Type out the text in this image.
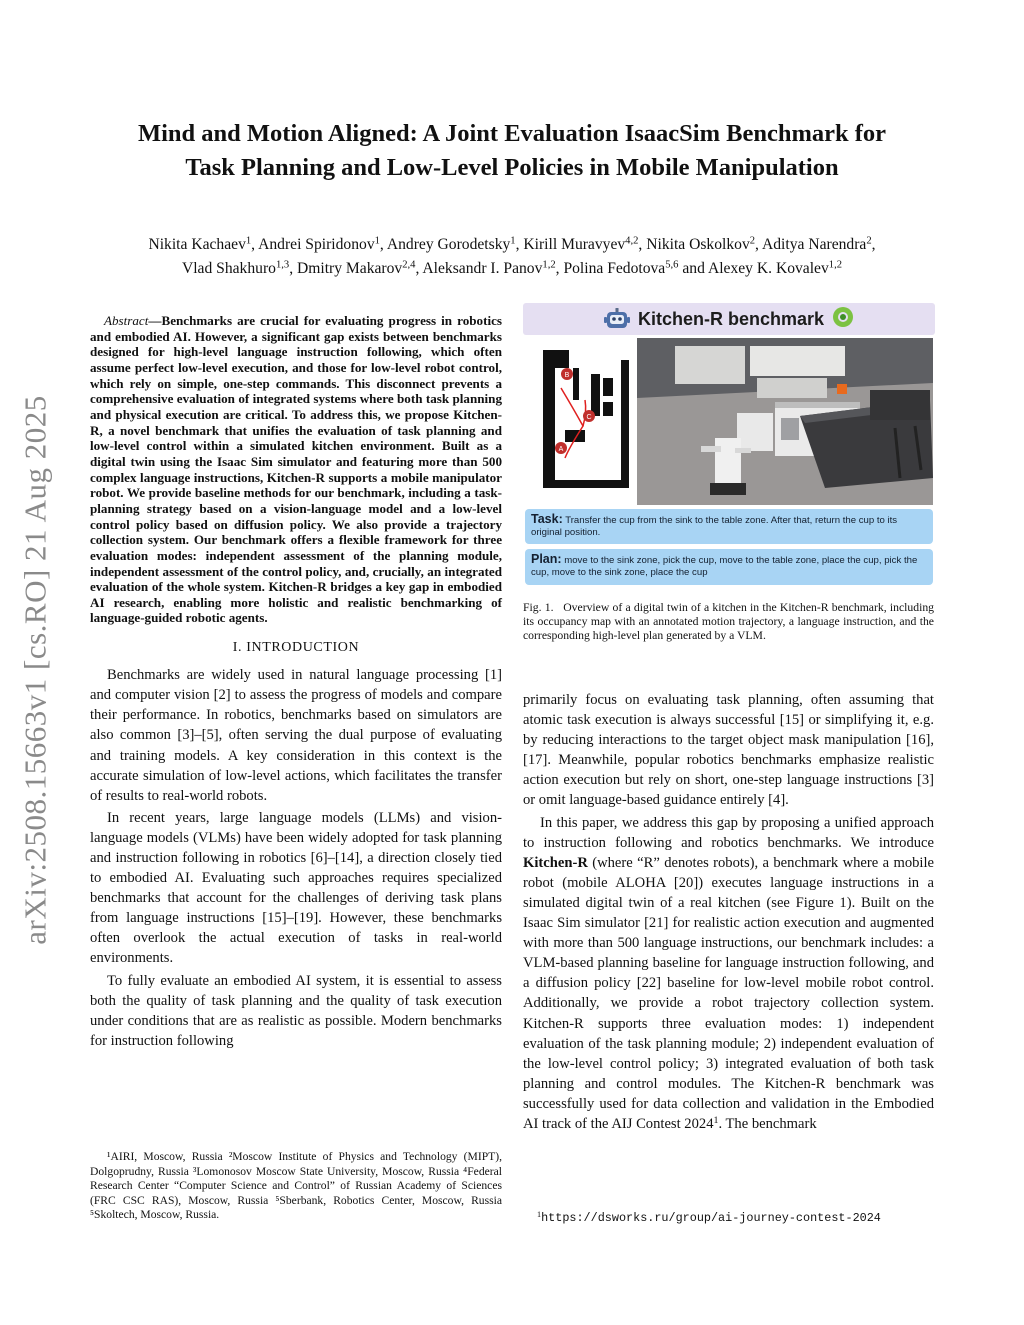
arXiv:2508.15663v1 [cs.RO] 21 Aug 2025
Mind and Motion Aligned: A Joint Evaluation IsaacSim Benchmark for
Task Planning and Low-Level Policies in Mobile Manipulation
Nikita Kachaev$^1$, Andrei Spiridonov$^1$, Andrey Gorodetsky$^1$, Kirill Muravyev$^{4,2}$, Nikita Oskolkov$^2$, Aditya Narendra$^2$,
Vlad Shakhuro$^{1,3}$, Dmitry Makarov$^{2,4}$, Aleksandr I. Panov$^{1,2}$, Polina Fedotova$^{5,6}$ and Alexey K. Kovalev$^{1,2}$

Abstract—Benchmarks are crucial for evaluating progress in robotics and embodied AI. However, a significant gap exists between benchmarks designed for high-level language instruction following, which often assume perfect low-level execution, and those for low-level robot control, which rely on simple, one-step commands. This disconnect prevents a comprehensive evaluation of integrated systems where both task planning and physical execution are critical. To address this, we propose Kitchen-R, a novel benchmark that unifies the evaluation of task planning and low-level control within a simulated kitchen environment. Built as a digital twin using the Isaac Sim simulator and featuring more than 500 complex language instructions, Kitchen-R supports a mobile manipulator robot. We provide baseline methods for our benchmark, including a task-planning strategy based on a vision-language model and a low-level control policy based on diffusion policy. We also provide a trajectory collection system. Our benchmark offers a flexible framework for three evaluation modes: independent assessment of the planning module, independent assessment of the control policy, and, crucially, an integrated evaluation of the whole system. Kitchen-R bridges a key gap in embodied AI research, enabling more holistic and realistic benchmarking of language-guided robotic agents.

I. INTRODUCTION

Benchmarks are widely used in natural language processing [1] and computer vision [2] to assess the progress of models and compare their performance. In robotics, benchmarks based on simulators are also common [3]–[5], often serving the dual purpose of evaluating and training models. A key consideration in this context is the accurate simulation of low-level actions, which facilitates the transfer of results to real-world robots.

In recent years, large language models (LLMs) and vision-language models (VLMs) have been widely adopted for task planning and instruction following in robotics [6]–[14], a direction closely tied to embodied AI. Evaluating such approaches requires specialized benchmarks that account for the challenges of deriving task plans from language instructions [15]–[19]. However, these benchmarks often overlook the actual execution of tasks in real-world environments.

To fully evaluate an embodied AI system, it is essential to assess both the quality of task planning and the quality of task execution under conditions that are as realistic as possible. Modern benchmarks for instruction following

¹AIRI, Moscow, Russia ²Moscow Institute of Physics and Technology (MIPT), Dolgoprudny, Russia ³Lomonosov Moscow State University, Moscow, Russia ⁴Federal Research Center “Computer Science and Control” of Russian Academy of Sciences (FRC CSC RAS), Moscow, Russia ⁵Sberbank, Robotics Center, Moscow, Russia ⁵Skoltech, Moscow, Russia.
Kitchen-R benchmark
B
C
A
Task: Transfer the cup from the sink to the table zone. After that, return the cup to its original position.
Plan: move to the sink zone, pick the cup, move to the table zone, place the cup, pick the cup, move to the sink zone, place the cup
Fig. 1. Overview of a digital twin of a kitchen in the Kitchen-R benchmark, including its occupancy map with an annotated motion trajectory, a language instruction, and the corresponding high-level plan generated by a VLM.

primarily focus on evaluating task planning, often assuming that atomic task execution is always successful [15] or simplifying it, e.g. by reducing interactions to the target object mask manipulation [16], [17]. Meanwhile, popular robotics benchmarks emphasize realistic action execution but rely on short, one-step language instructions [3] or omit language-based guidance entirely [4].

In this paper, we address this gap by proposing a unified approach to instruction following and robotics benchmarks. We introduce Kitchen-R (where “R” denotes robots), a benchmark where a mobile robot (mobile ALOHA [20]) executes language instructions in a simulated digital twin of a real kitchen (see Figure 1). Built on the Isaac Sim simulator [21] for realistic action execution and augmented with more than 500 language instructions, our benchmark includes: a VLM-based planning baseline for language instruction following, and a diffusion policy [22] baseline for low-level mobile robot control. Additionally, we provide a robot trajectory collection system. Kitchen-R supports three evaluation modes: 1) independent evaluation of the task planning module; 2) independent evaluation of the low-level control policy; 3) integrated evaluation of both task planning and control modules. The Kitchen-R benchmark was successfully used for data collection and validation in the Embodied AI track of the AIJ Contest 2024$^1$. The benchmark

$^1$https://dsworks.ru/group/ai-journey-contest-2024
